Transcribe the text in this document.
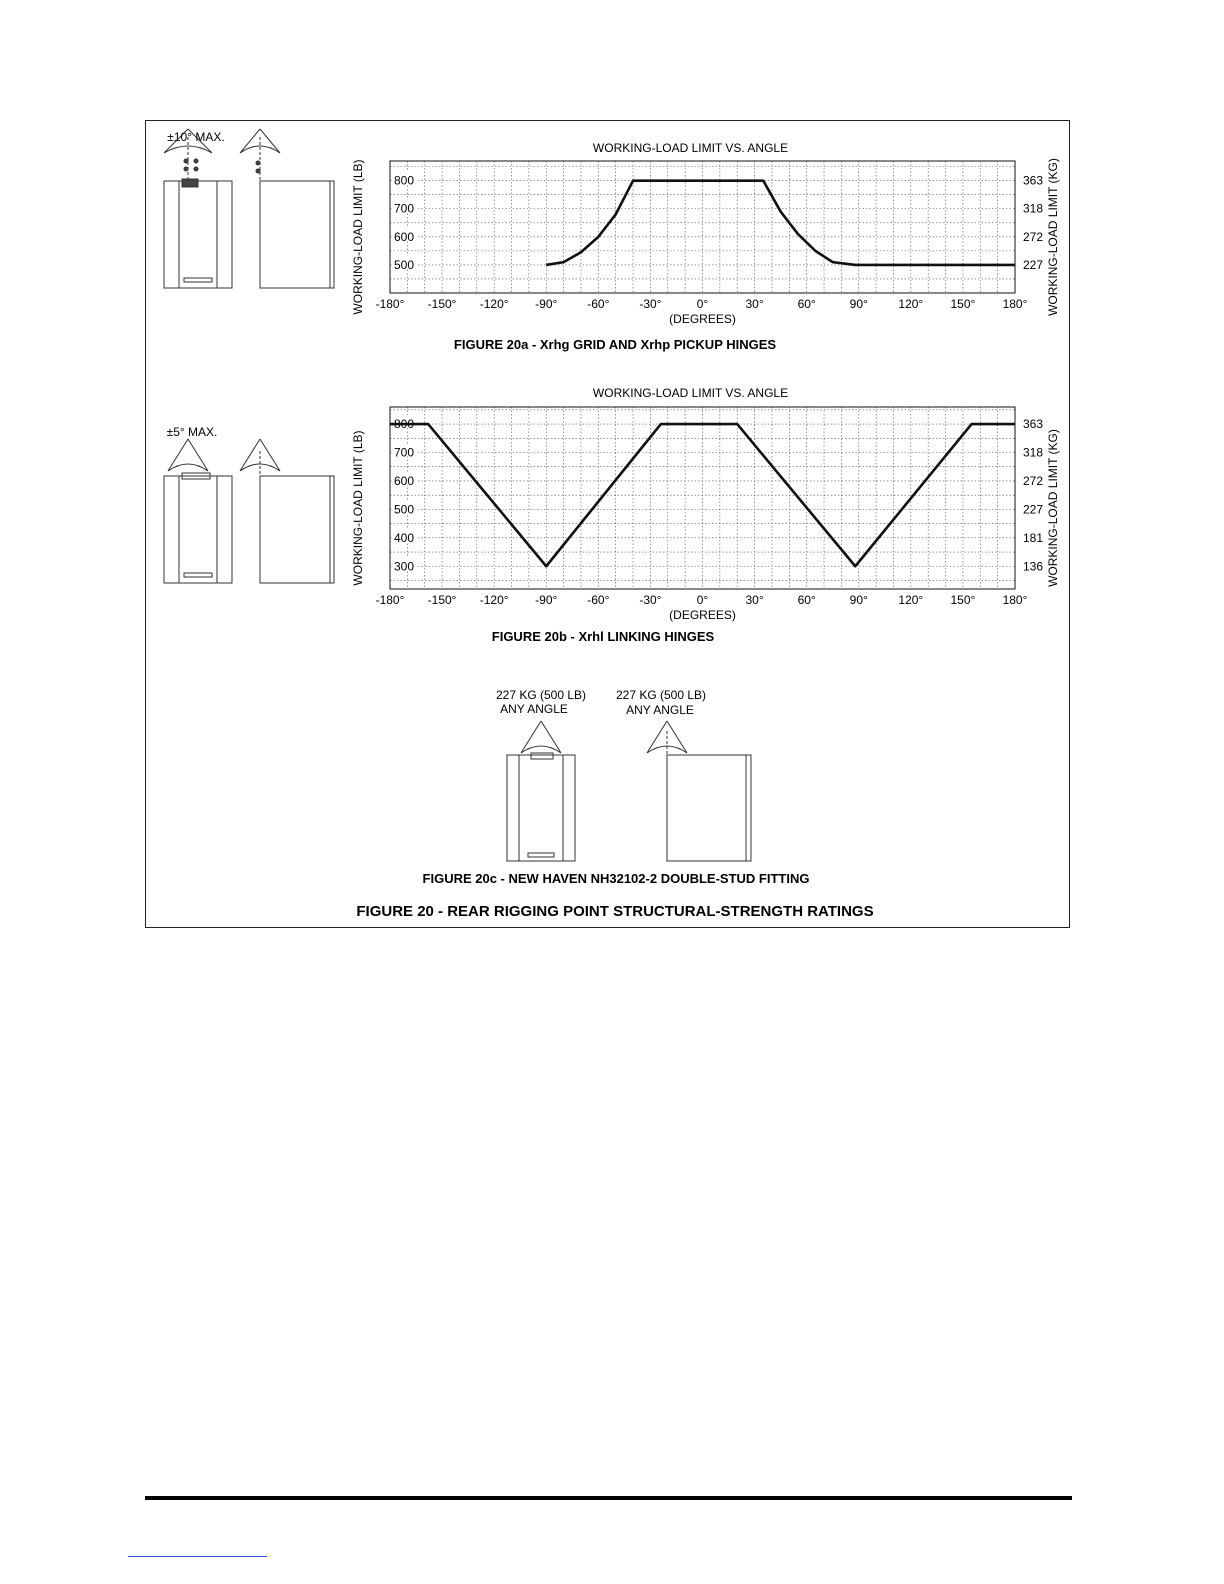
WORKING-LOAD LIMIT VS. ANGLE
-180° -150° -120° -90° -60° -30°	0°	30°	60°	90°	120° 150° 180°
(DEGREES)
500	227
600	272
700	318
800	363
WORKING-LOAD LIMIT (LB)	WORKING-LOAD LIMIT (KG)
±10° MAX.
WORKING-LOAD LIMIT VS. ANGLE
-180° -150° -120° -90° -60° -30°	0°	30°	60°	90°	120° 150° 180°
(DEGREES)
300	136
400	181
500	227
600	272
700	318
800	363
WORKING-LOAD LIMIT (LB)	WORKING-LOAD LIMIT (KG)
±5° MAX.
227 KG (500 LB)
ANY ANGLE
227 KG (500 LB)
ANY ANGLE
FIGURE 20a - Xrhg GRID AND Xrhp PICKUP HINGES
FIGURE 20b - Xrhl LINKING HINGES
FIGURE 20c - NEW HAVEN NH32102-2 DOUBLE-STUD FITTING
FIGURE 20 - REAR RIGGING POINT STRUCTURAL-STRENGTH RATINGS
